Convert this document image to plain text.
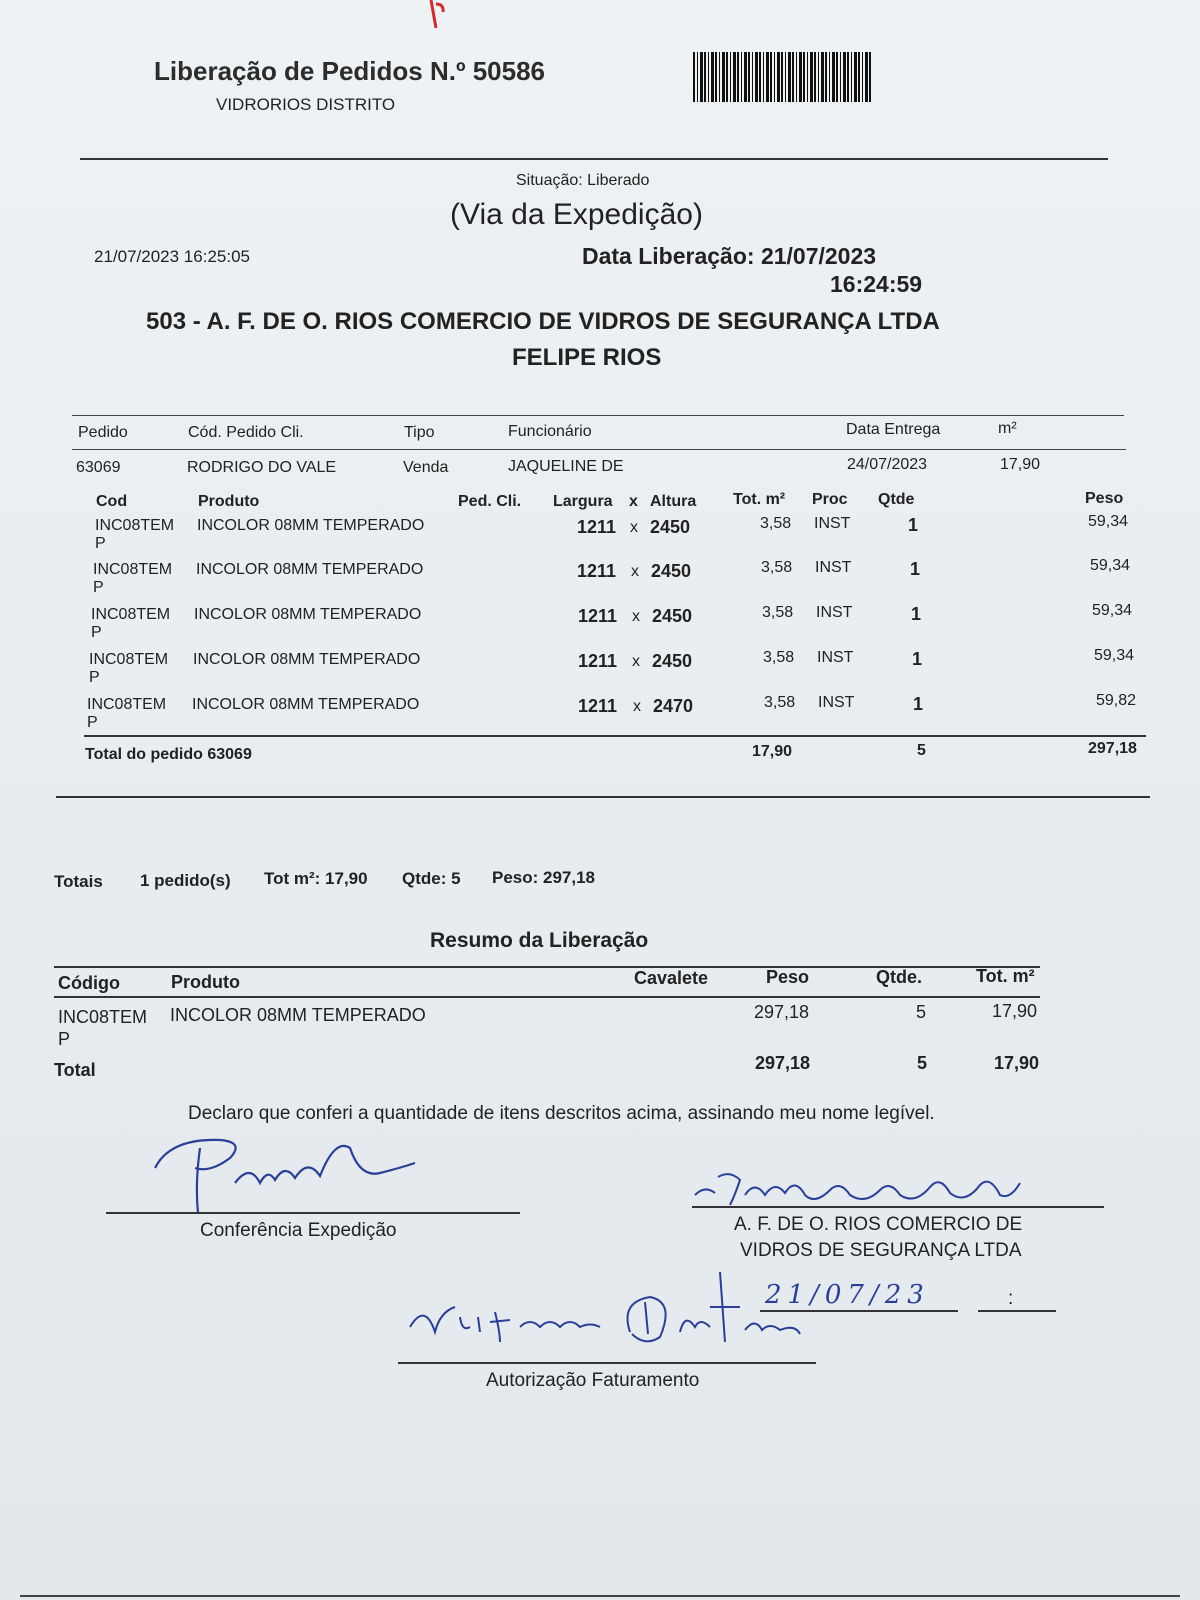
Liberação de Pedidos N.º 50586
VIDRORIOS DISTRITO
Situação: Liberado
(Via da Expedição)
21/07/2023 16:25:05	Data Liberação: 21/07/2023
16:24:59
503 - A. F. DE O. RIOS COMERCIO DE VIDROS DE SEGURANÇA LTDA
FELIPE RIOS
Pedido	Cód. Pedido Cli.	Tipo	Funcionário	Data Entrega	m²
63069	RODRIGO DO VALE	Venda	JAQUELINE DE	24/07/2023	17,90
Cod	Produto	Ped. Cli. Largura x Altura Tot. m² Proc Qtde	Peso
INC08TEM
P
INCOLOR 08MM TEMPERADO	1211 x 2450	3,58 INST	1	59,34
INC08TEM
P
INCOLOR 08MM TEMPERADO	1211 x 2450	3,58 INST	1	59,34
INC08TEM
P
INCOLOR 08MM TEMPERADO	1211 x 2450	3,58 INST	1	59,34
INC08TEM
P
INCOLOR 08MM TEMPERADO	1211 x 2450	3,58 INST	1	59,34
INC08TEM
P
INCOLOR 08MM TEMPERADO	1211 x 2470	3,58 INST	1	59,82
Total do pedido 63069	17,90	5	297,18
Totais 1 pedido(s) Tot m²: 17,90 Qtde: 5 Peso: 297,18
Resumo da Liberação
Código	Produto	Cavalete	Peso	Qtde.	Tot. m²
INC08TEM
P
INCOLOR 08MM TEMPERADO	297,18	5	17,90
Total	297,18	5	17,90
Declaro que conferi a quantidade de itens descritos acima, assinando meu nome legível.
Conferência Expedição	A. F. DE O. RIOS COMERCIO DE
VIDROS DE SEGURANÇA LTDA
21/07/23	:
Autorização Faturamento
